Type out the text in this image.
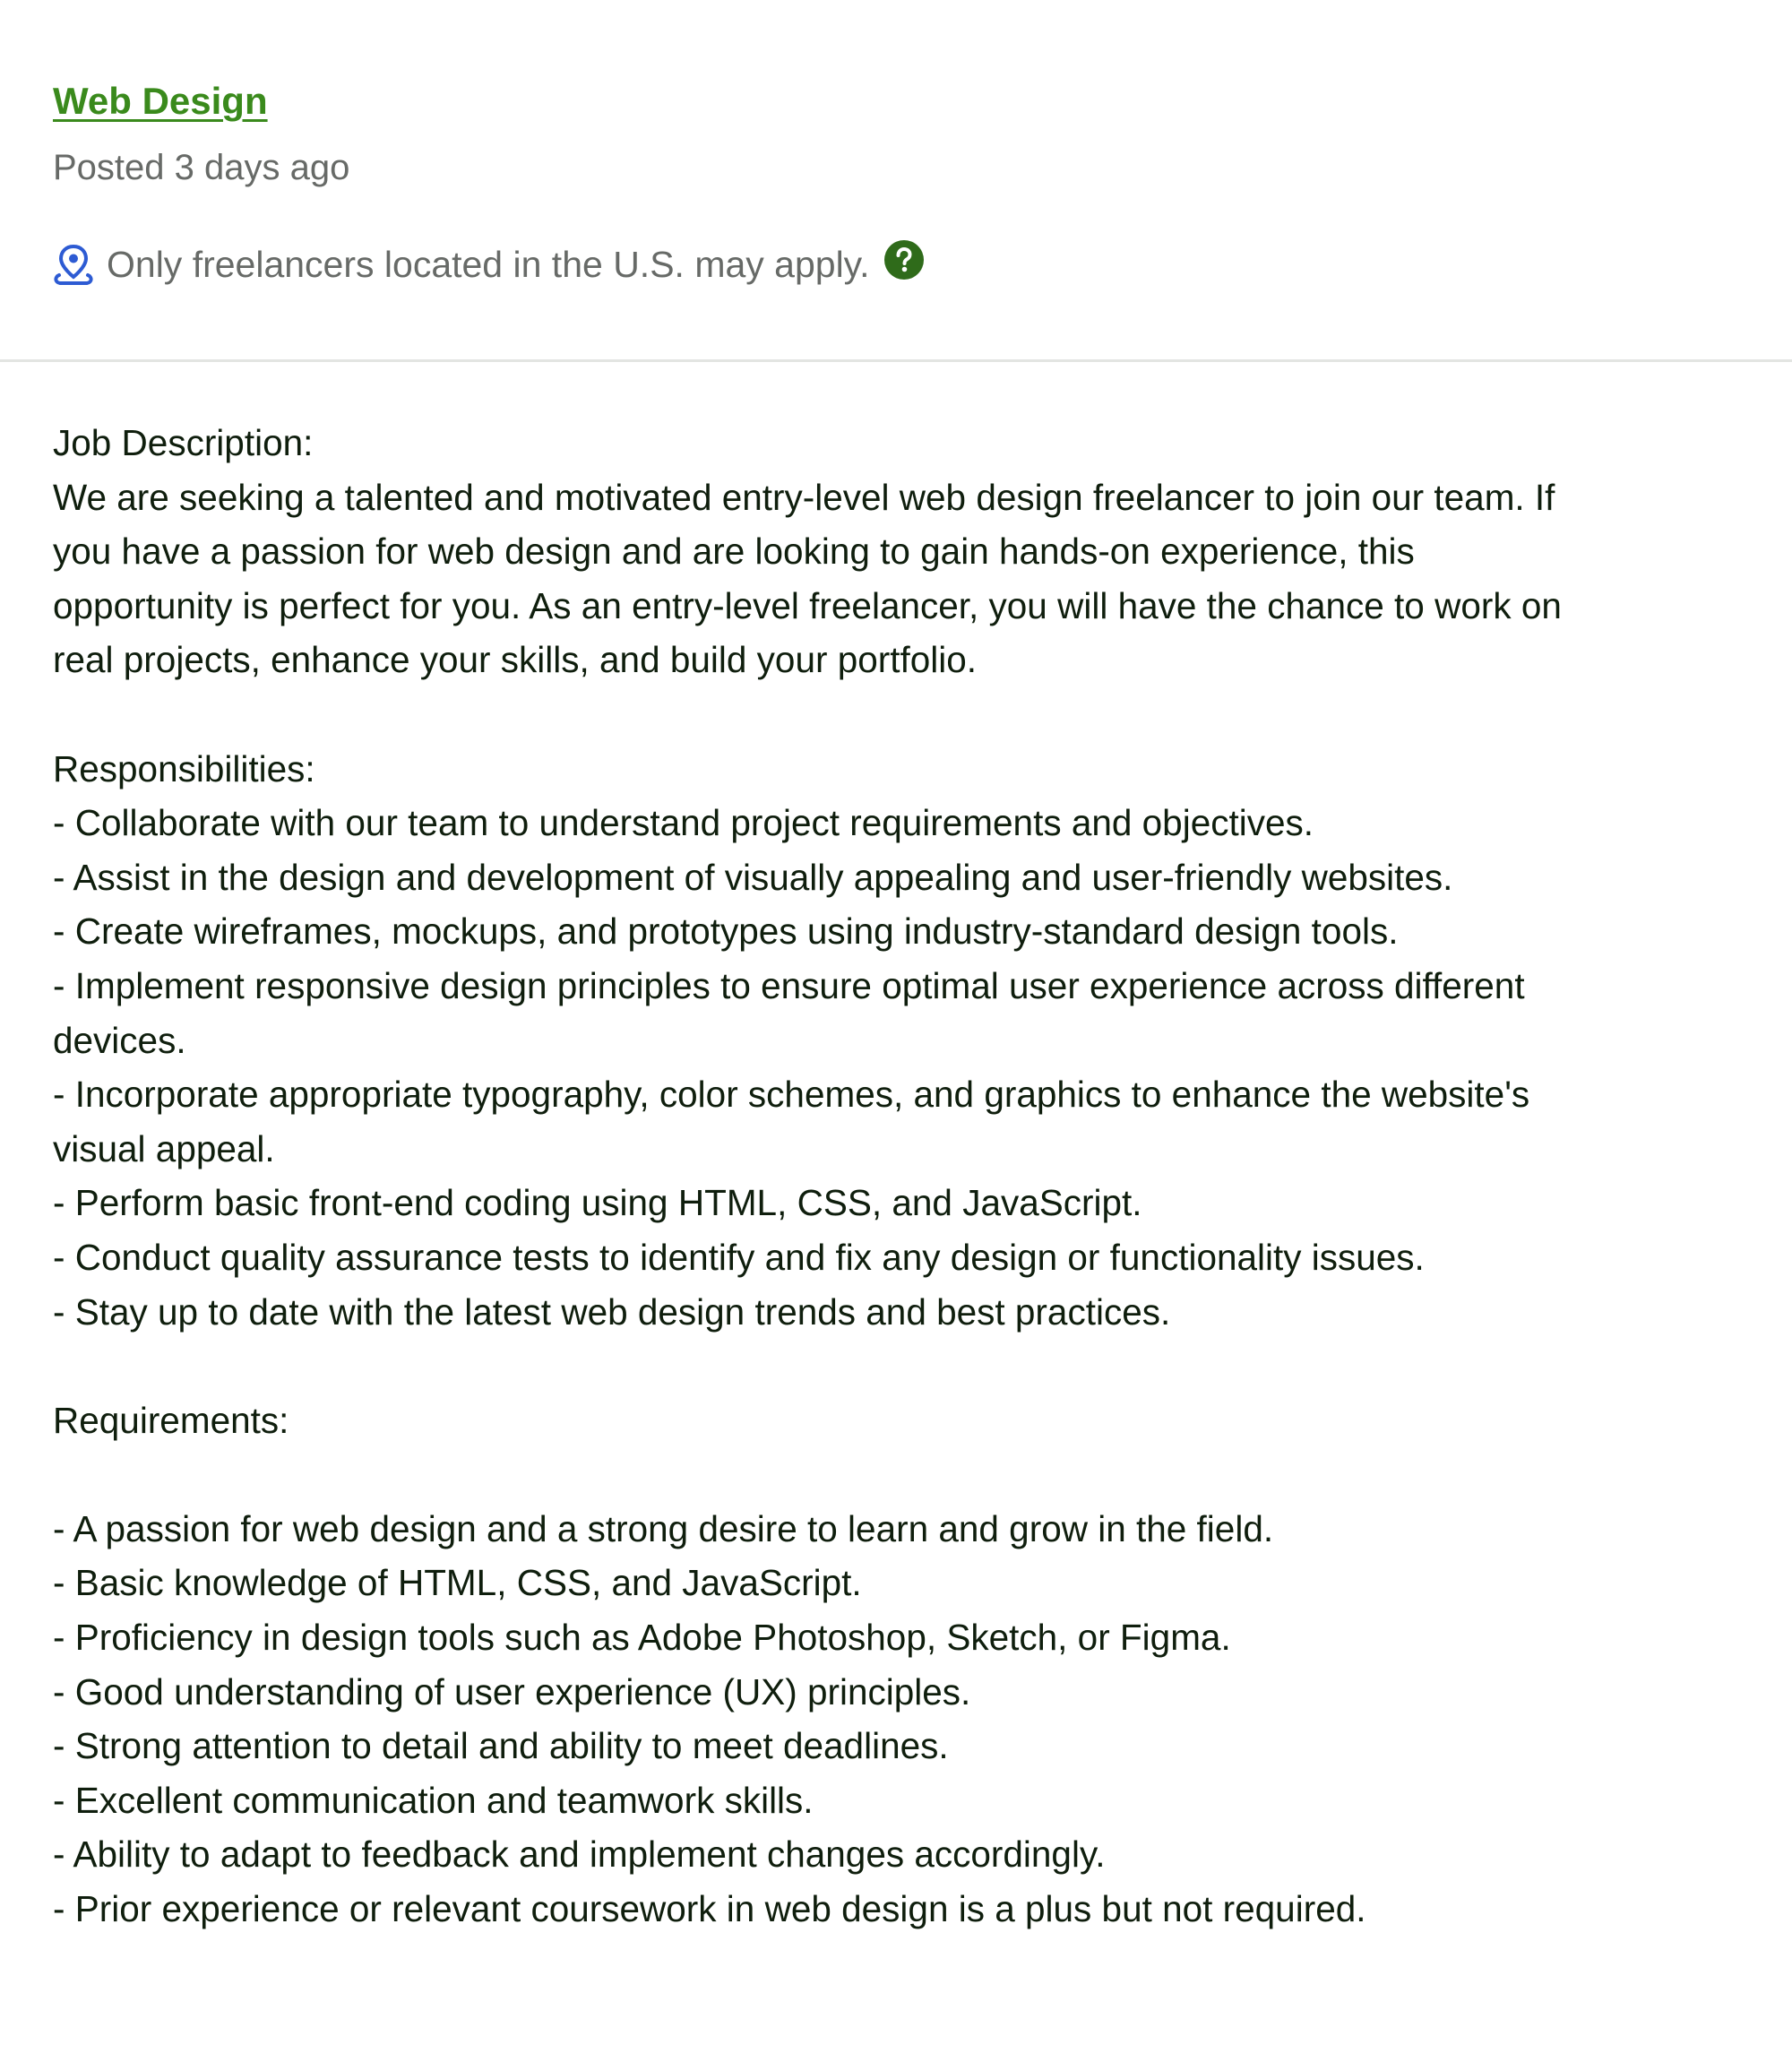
Web Design
Posted 3 days ago
Only freelancers located in the U.S. may apply.
Job Description:
We are seeking a talented and motivated entry-level web design freelancer to join our team. If
you have a passion for web design and are looking to gain hands-on experience, this
opportunity is perfect for you. As an entry-level freelancer, you will have the chance to work on
real projects, enhance your skills, and build your portfolio.
Responsibilities:
- Collaborate with our team to understand project requirements and objectives.
- Assist in the design and development of visually appealing and user-friendly websites.
- Create wireframes, mockups, and prototypes using industry-standard design tools.
- Implement responsive design principles to ensure optimal user experience across different
devices.
- Incorporate appropriate typography, color schemes, and graphics to enhance the website's
visual appeal.
- Perform basic front-end coding using HTML, CSS, and JavaScript.
- Conduct quality assurance tests to identify and fix any design or functionality issues.
- Stay up to date with the latest web design trends and best practices.
Requirements:
- A passion for web design and a strong desire to learn and grow in the field.
- Basic knowledge of HTML, CSS, and JavaScript.
- Proficiency in design tools such as Adobe Photoshop, Sketch, or Figma.
- Good understanding of user experience (UX) principles.
- Strong attention to detail and ability to meet deadlines.
- Excellent communication and teamwork skills.
- Ability to adapt to feedback and implement changes accordingly.
- Prior experience or relevant coursework in web design is a plus but not required.
